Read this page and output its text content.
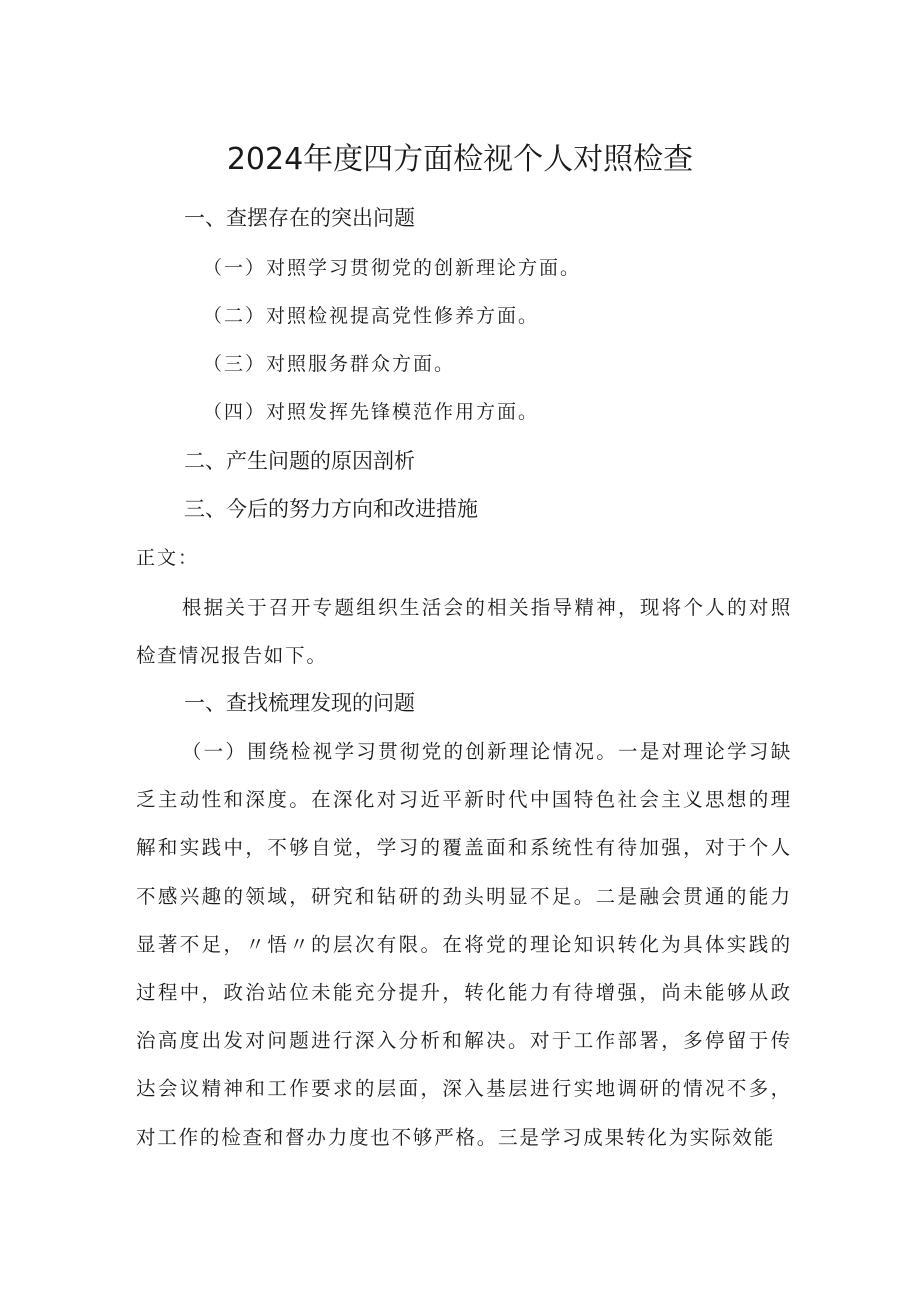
2024年度四方面检视个人对照检查
一、查摆存在的突出问题
（一）对照学习贯彻党的创新理论方面。
（二）对照检视提高党性修养方面。
（三）对照服务群众方面。
（四）对照发挥先锋模范作用方面。
二、产生问题的原因剖析
三、今后的努力方向和改进措施
正文：

根据关于召开专题组织生活会的相关指导精神，现将个人的对照检查情况报告如下。

一、查找梳理发现的问题

（一）围绕检视学习贯彻党的创新理论情况。一是对理论学习缺乏主动性和深度。在深化对习近平新时代中国特色社会主义思想的理解和实践中，不够自觉，学习的覆盖面和系统性有待加强，对于个人不感兴趣的领域，研究和钻研的劲头明显不足。二是融会贯通的能力显著不足，〃悟〃的层次有限。在将党的理论知识转化为具体实践的过程中，政治站位未能充分提升，转化能力有待增强，尚未能够从政治高度出发对问题进行深入分析和解决。对于工作部署，多停留于传达会议精神和工作要求的层面，深入基层进行实地调研的情况不多，对工作的检查和督办力度也不够严格。三是学习成果转化为实际效能
